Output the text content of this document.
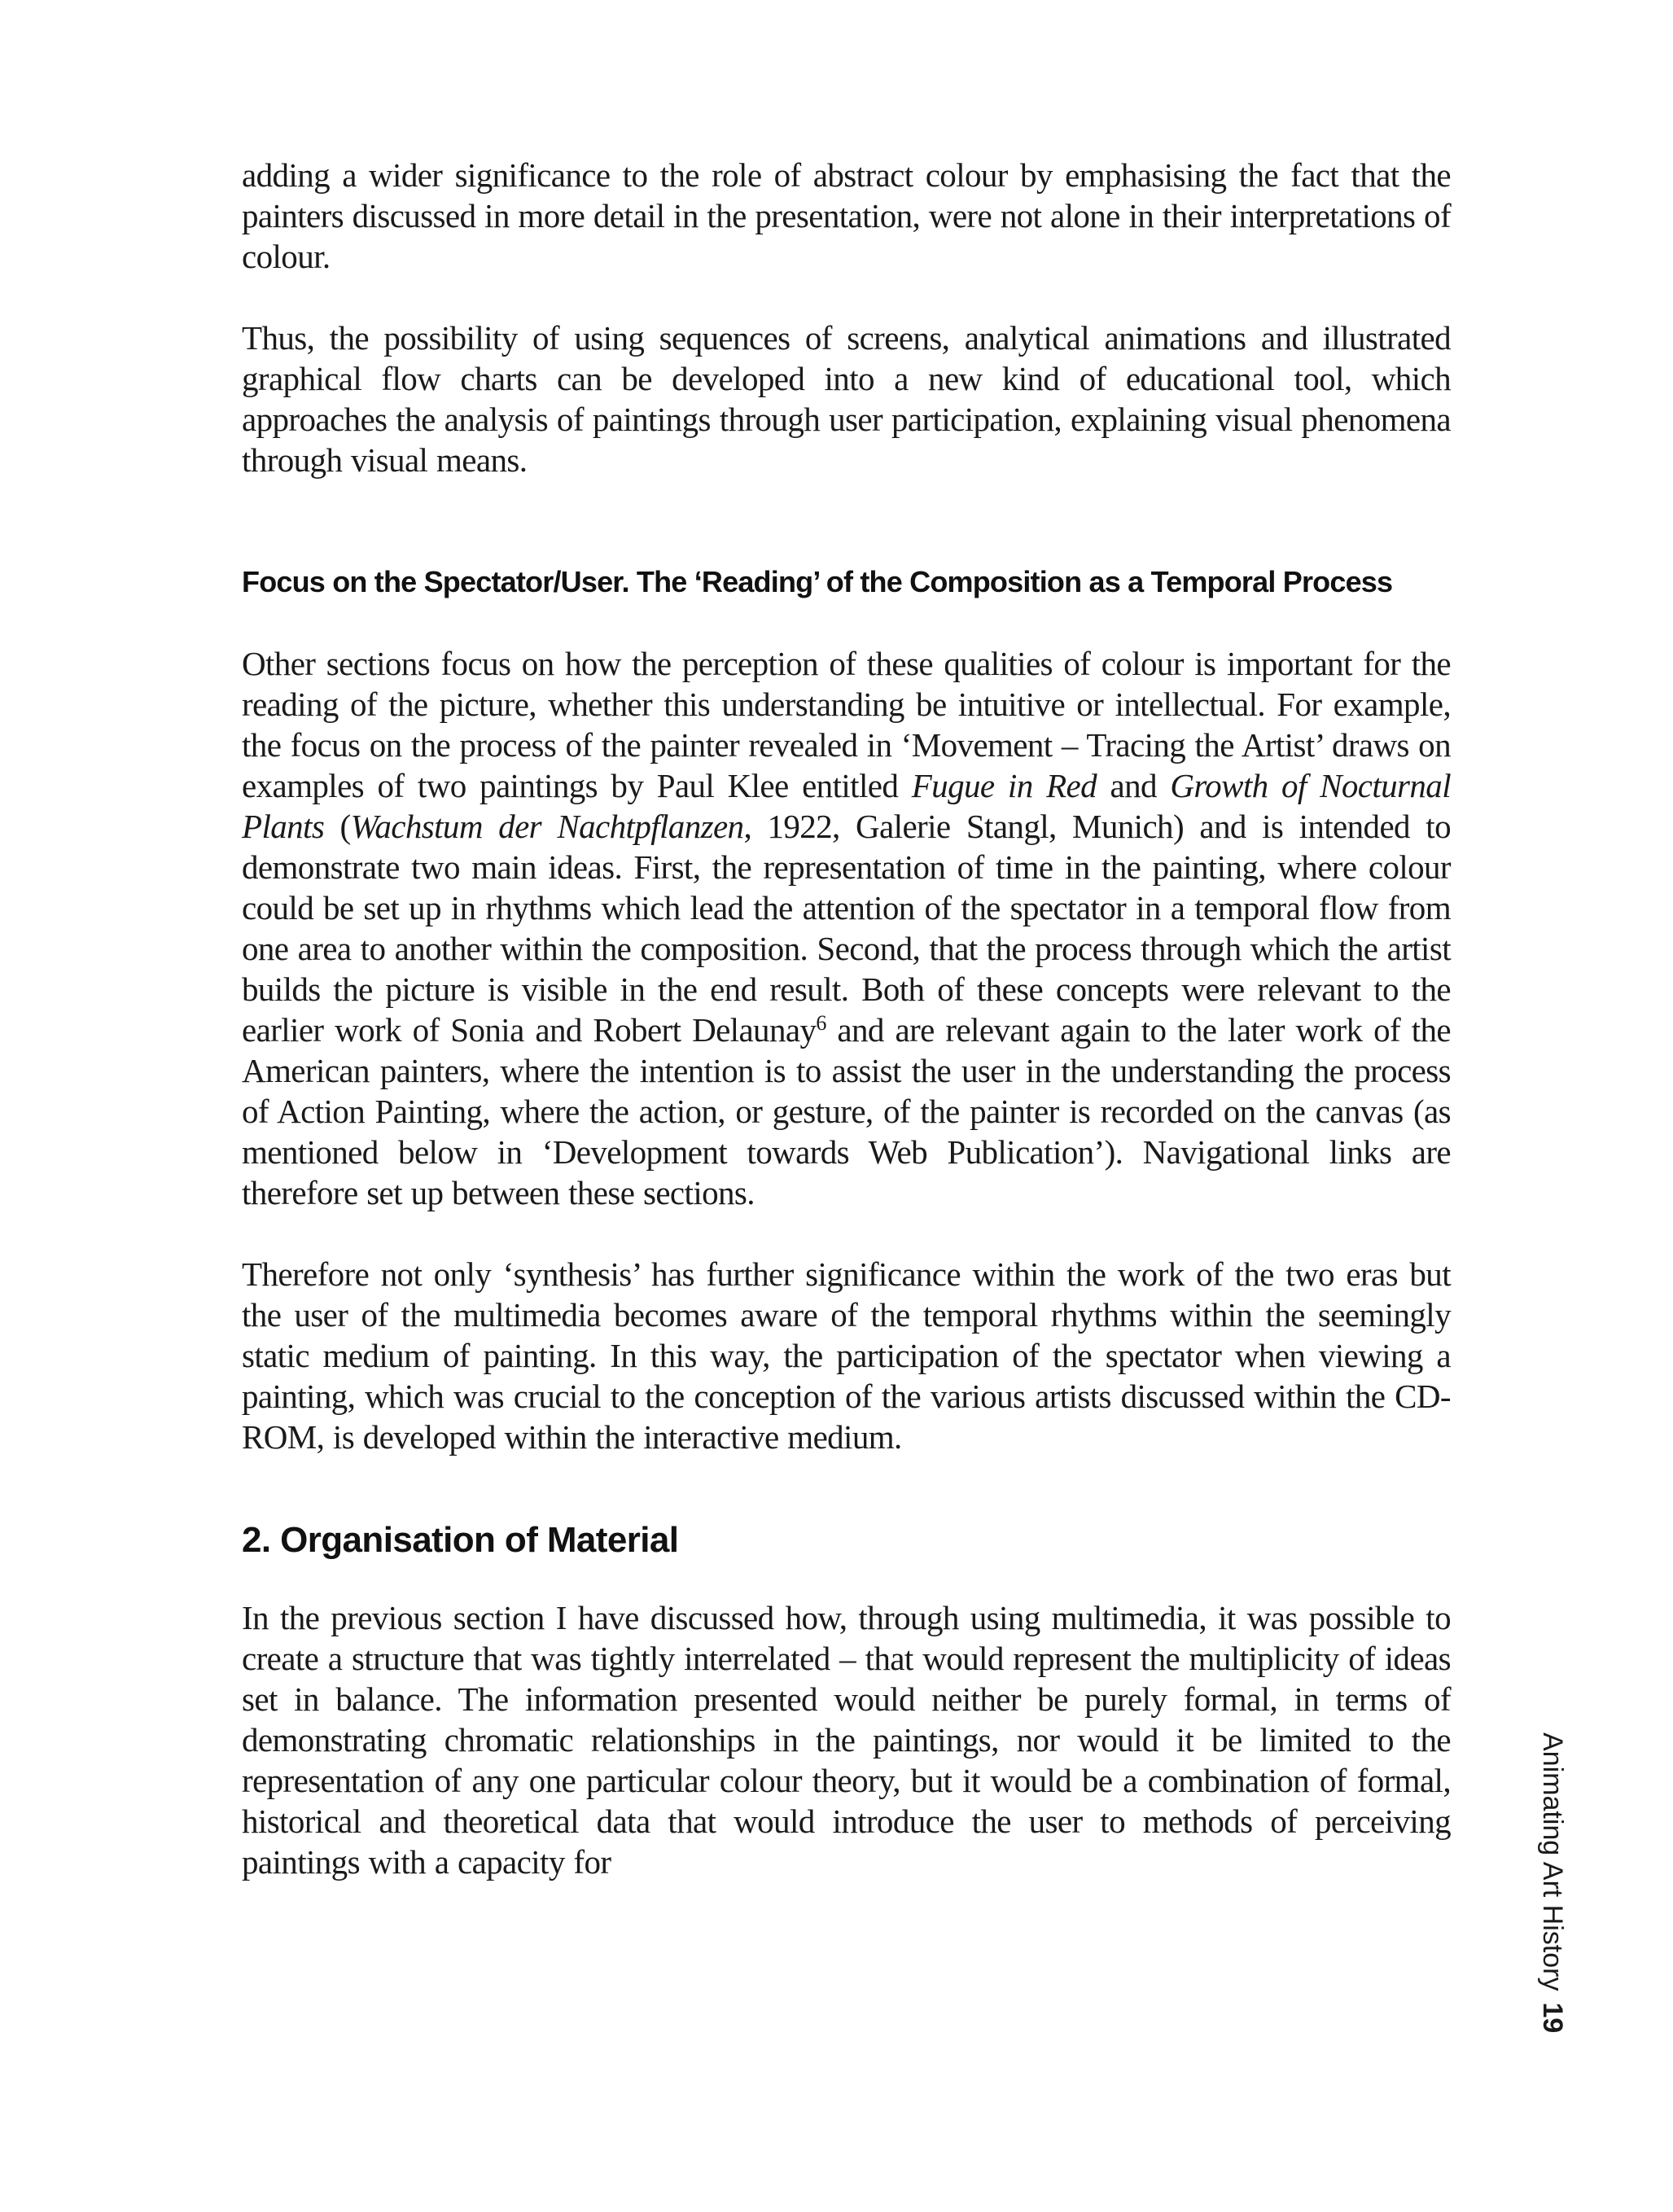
adding a wider significance to the role of abstract colour by emphasising the fact that the painters discussed in more detail in the presentation, were not alone in their interpretations of colour.

Thus, the possibility of using sequences of screens, analytical animations and illustrated graphical flow charts can be developed into a new kind of educational tool, which approaches the analysis of paintings through user participation, explaining visual phenomena through visual means.

Focus on the Spectator/User. The ‘Reading’ of the Composition as a Temporal Process

Other sections focus on how the perception of these qualities of colour is important for the reading of the picture, whether this understanding be intuitive or intellectual. For example, the focus on the process of the painter revealed in ‘Movement – Tracing the Artist’ draws on examples of two paintings by Paul Klee entitled Fugue in Red and Growth of Nocturnal Plants (Wachstum der Nachtpflanzen, 1922, Galerie Stangl, Munich) and is intended to demonstrate two main ideas. First, the representation of time in the painting, where colour could be set up in rhythms which lead the attention of the spectator in a temporal flow from one area to another within the composition. Second, that the process through which the artist builds the picture is visible in the end result. Both of these concepts were relevant to the earlier work of Sonia and Robert Delaunay$^6$ and are relevant again to the later work of the American painters, where the intention is to assist the user in the understanding the process of Action Painting, where the action, or gesture, of the painter is recorded on the canvas (as mentioned below in ‘Development towards Web Publication’). Navigational links are therefore set up between these sections.

Therefore not only ‘synthesis’ has further significance within the work of the two eras but the user of the multimedia becomes aware of the temporal rhythms within the seemingly static medium of painting. In this way, the participation of the spectator when viewing a painting, which was crucial to the conception of the various artists discussed within the CD-ROM, is developed within the interactive medium.

2. Organisation of Material

In the previous section I have discussed how, through using multimedia, it was possible to create a structure that was tightly interrelated – that would represent the multiplicity of ideas set in balance. The information presented would neither be purely formal, in terms of demonstrating chromatic relationships in the paintings, nor would it be limited to the representation of any one particular colour theory, but it would be a combination of formal, historical and theoretical data that would introduce the user to methods of perceiving paintings with a capacity for	Animating Art History19
